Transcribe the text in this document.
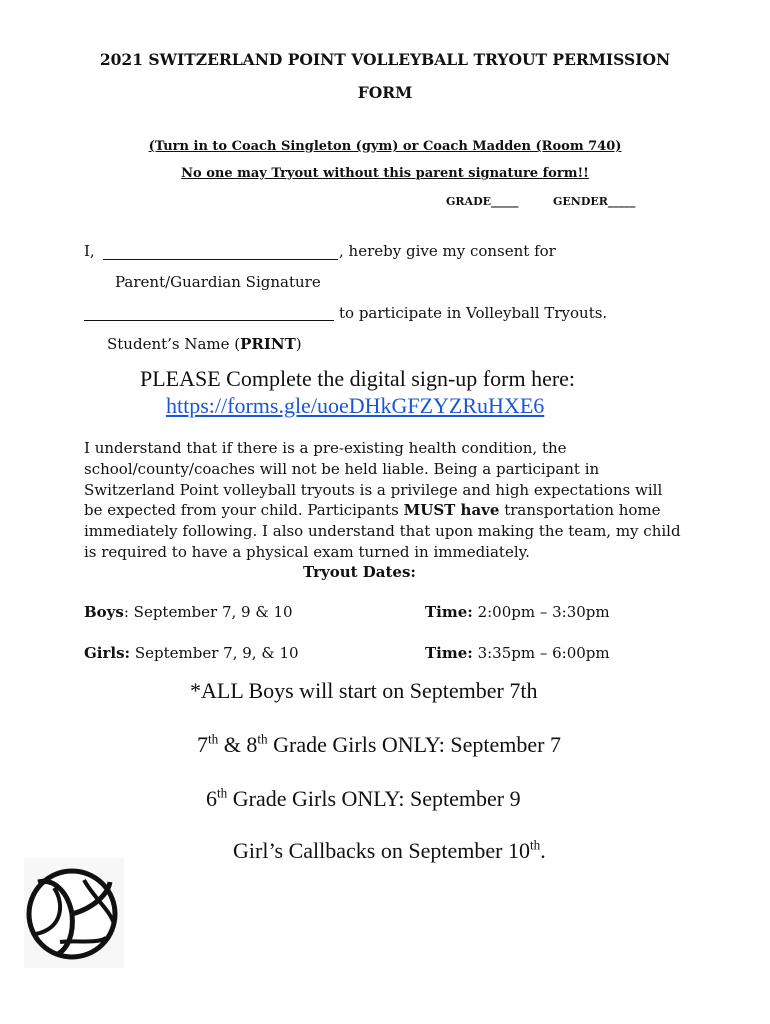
2021 SWITZERLAND POINT VOLLEYBALL TRYOUT PERMISSION
FORM
(Turn in to Coach Singleton (gym) or Coach Madden (Room 740)
No one may Tryout without this parent signature form!!
GRADE_____	GENDER_____
I,	, hereby give my consent for
Parent/Guardian Signature
to participate in Volleyball Tryouts.
Student’s Name (PRINT)
PLEASE Complete the digital sign-up form here:
https://forms.gle/uoeDHkGFZYZRuHXE6
I understand that if there is a pre-existing health condition, the school/county/coaches will not be held liable. Being a participant in Switzerland Point volleyball tryouts is a privilege and high expectations will be expected from your child. Participants MUST have transportation home immediately following. I also understand that upon making the team, my child is required to have a physical exam turned in immediately.
Tryout Dates:
Boys: September 7, 9 & 10	Time: 2:00pm – 3:30pm
Girls: September 7, 9, & 10	Time: 3:35pm – 6:00pm
*ALL Boys will start on September 7th
7th & 8th Grade Girls ONLY: September 7
6th Grade Girls ONLY: September 9
Girl’s Callbacks on September 10th.
